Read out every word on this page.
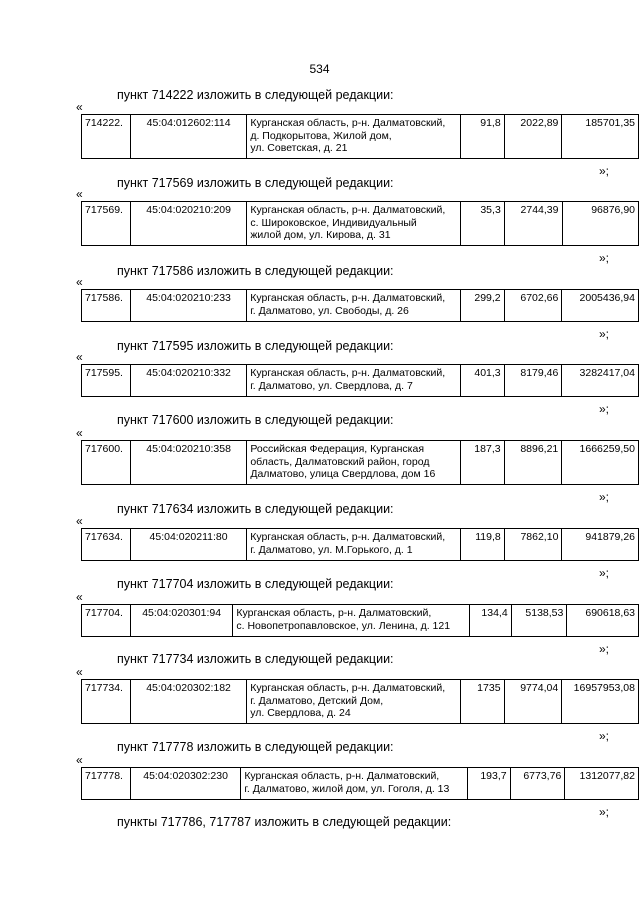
534
пункт 714222 изложить в следующей редакции:
«
714222.	45:04:012602:114	Курганская область, р-н. Далматовский,
д. Подкорытова, Жилой дом,
ул. Советская, д. 21
	91,8	2022,89	185701,35
»;
пункт 717569 изложить в следующей редакции:
«
717569.	45:04:020210:209	Курганская область, р-н. Далматовский,
с. Широковское, Индивидуальный
жилой дом, ул. Кирова, д. 31
	35,3	2744,39	96876,90
»;
пункт 717586 изложить в следующей редакции:
«
717586.	45:04:020210:233	Курганская область, р-н. Далматовский,
г. Далматово, ул. Свободы, д. 26
	299,2	6702,66	2005436,94
»;
пункт 717595 изложить в следующей редакции:
«
717595.	45:04:020210:332	Курганская область, р-н. Далматовский,
г. Далматово, ул. Свердлова, д. 7
	401,3	8179,46	3282417,04
»;
пункт 717600 изложить в следующей редакции:
«
717600.	45:04:020210:358	Российская Федерация, Курганская
область, Далматовский район, город
Далматово, улица Свердлова, дом 16
	187,3	8896,21	1666259,50
»;
пункт 717634 изложить в следующей редакции:
«
717634.	45:04:020211:80	Курганская область, р-н. Далматовский,
г. Далматово, ул. М.Горького, д. 1
	119,8	7862,10	941879,26
»;
пункт 717704 изложить в следующей редакции:
«
717704.	45:04:020301:94	Курганская область, р-н. Далматовский,
с. Новопетропавловское, ул. Ленина, д. 121
	134,4	5138,53	690618,63
»;
пункт 717734 изложить в следующей редакции:
«
717734.	45:04:020302:182	Курганская область, р-н. Далматовский,
г. Далматово, Детский Дом,
ул. Свердлова, д. 24
	1735	9774,04	16957953,08
»;
пункт 717778 изложить в следующей редакции:
«
717778.	45:04:020302:230	Курганская область, р-н. Далматовский,
г. Далматово, жилой дом, ул. Гоголя, д. 13
	193,7	6773,76	1312077,82
»;
пункты 717786, 717787 изложить в следующей редакции:
